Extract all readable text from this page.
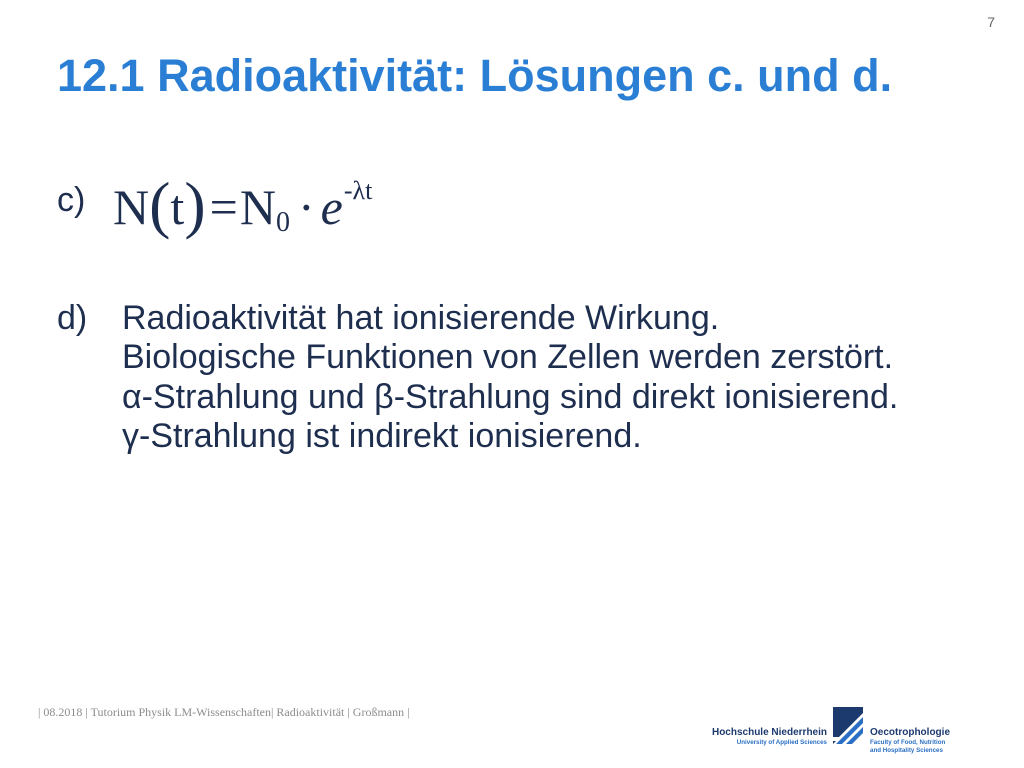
7
12.1 Radioaktivität: Lösungen c. und d.
c) N ( t ) = N 0 · e -λt
d) Radioaktivität hat ionisierende Wirkung.
Biologische Funktionen von Zellen werden zerstört.
α-Strahlung und β-Strahlung sind direkt ionisierend.
γ-Strahlung ist indirekt ionisierend.
| 08.2018 | Tutorium Physik LM-Wissenschaften| Radioaktivität | Großmann |
Hochschule Niederrhein
University of Applied Sciences
Oecotrophologie
Faculty of Food, Nutrition
and Hospitality Sciences
